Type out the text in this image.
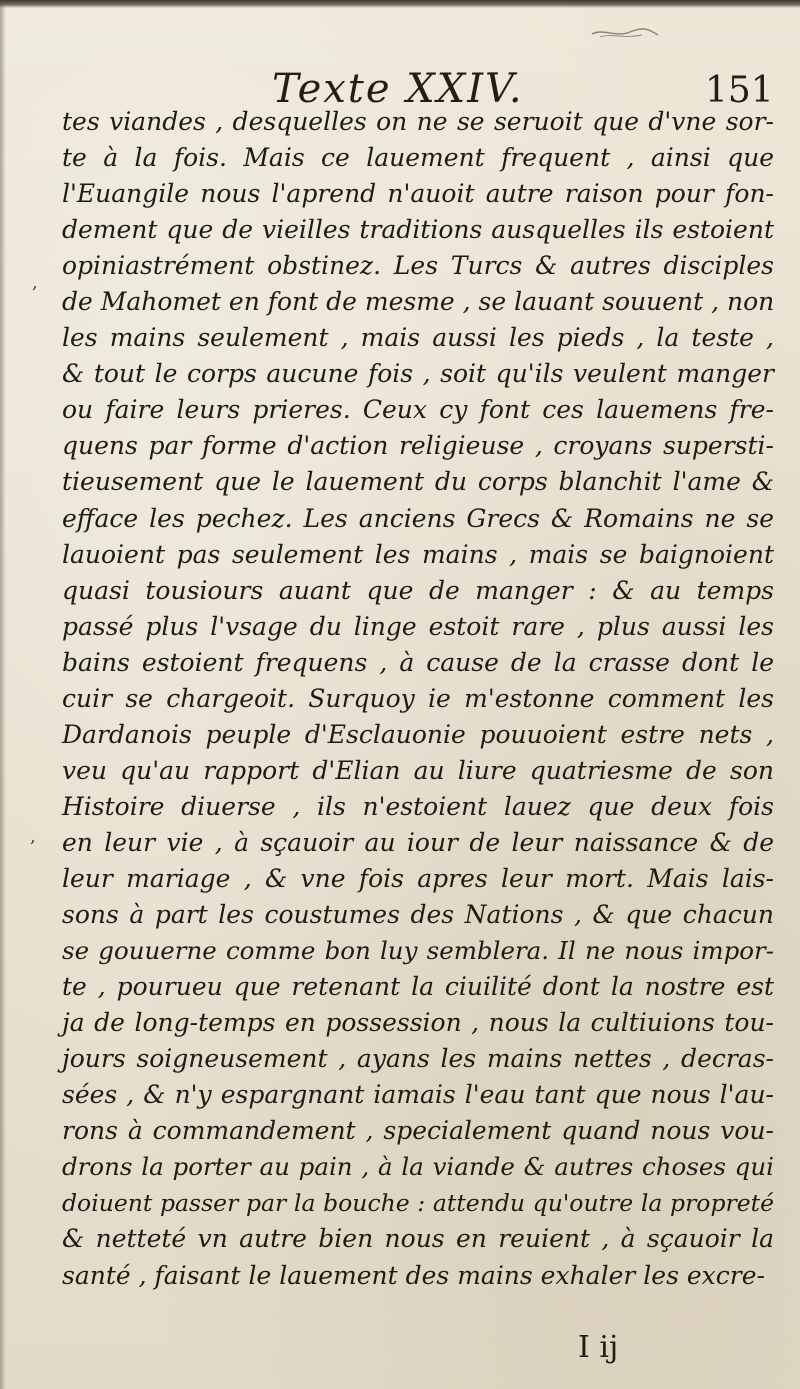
Texte XXIV.	151
tes viandes , desquelles on ne se seruoit que d'vne sor-
te à la fois. Mais ce lauement frequent , ainsi que
l'Euangile nous l'aprend n'auoit autre raison pour fon-
dement que de vieilles traditions ausquelles ils estoient
opiniastrément obstinez. Les Turcs & autres disciples
de Mahomet en font de mesme , se lauant souuent , non
les mains seulement , mais aussi les pieds , la teste ,
& tout le corps aucune fois , soit qu'ils veulent manger
ou faire leurs prieres. Ceux cy font ces lauemens fre-
quens par forme d'action religieuse , croyans supersti-
tieusement que le lauement du corps blanchit l'ame &
efface les pechez. Les anciens Grecs & Romains ne se
lauoient pas seulement les mains , mais se baignoient
quasi tousiours auant que de manger : & au temps
passé plus l'vsage du linge estoit rare , plus aussi les
bains estoient frequens , à cause de la crasse dont le
cuir se chargeoit. Surquoy ie m'estonne comment les
Dardanois peuple d'Esclauonie pouuoient estre nets ,
veu qu'au rapport d'Elian au liure quatriesme de son
Histoire diuerse , ils n'estoient lauez que deux fois
en leur vie , à sçauoir au iour de leur naissance & de
leur mariage , & vne fois apres leur mort. Mais lais-
sons à part les coustumes des Nations , & que chacun
se gouuerne comme bon luy semblera. Il ne nous impor-
te , pourueu que retenant la ciuilité dont la nostre est
ja de long-temps en possession , nous la cultiuions tou-
jours soigneusement , ayans les mains nettes , decras-
sées , & n'y espargnant iamais l'eau tant que nous l'au-
rons à commandement , specialement quand nous vou-
drons la porter au pain , à la viande & autres choses qui
doiuent passer par la bouche : attendu qu'outre la propreté
& netteté vn autre bien nous en reuient , à sçauoir la
santé , faisant le lauement des mains exhaler les excre-
,
,
I ij
